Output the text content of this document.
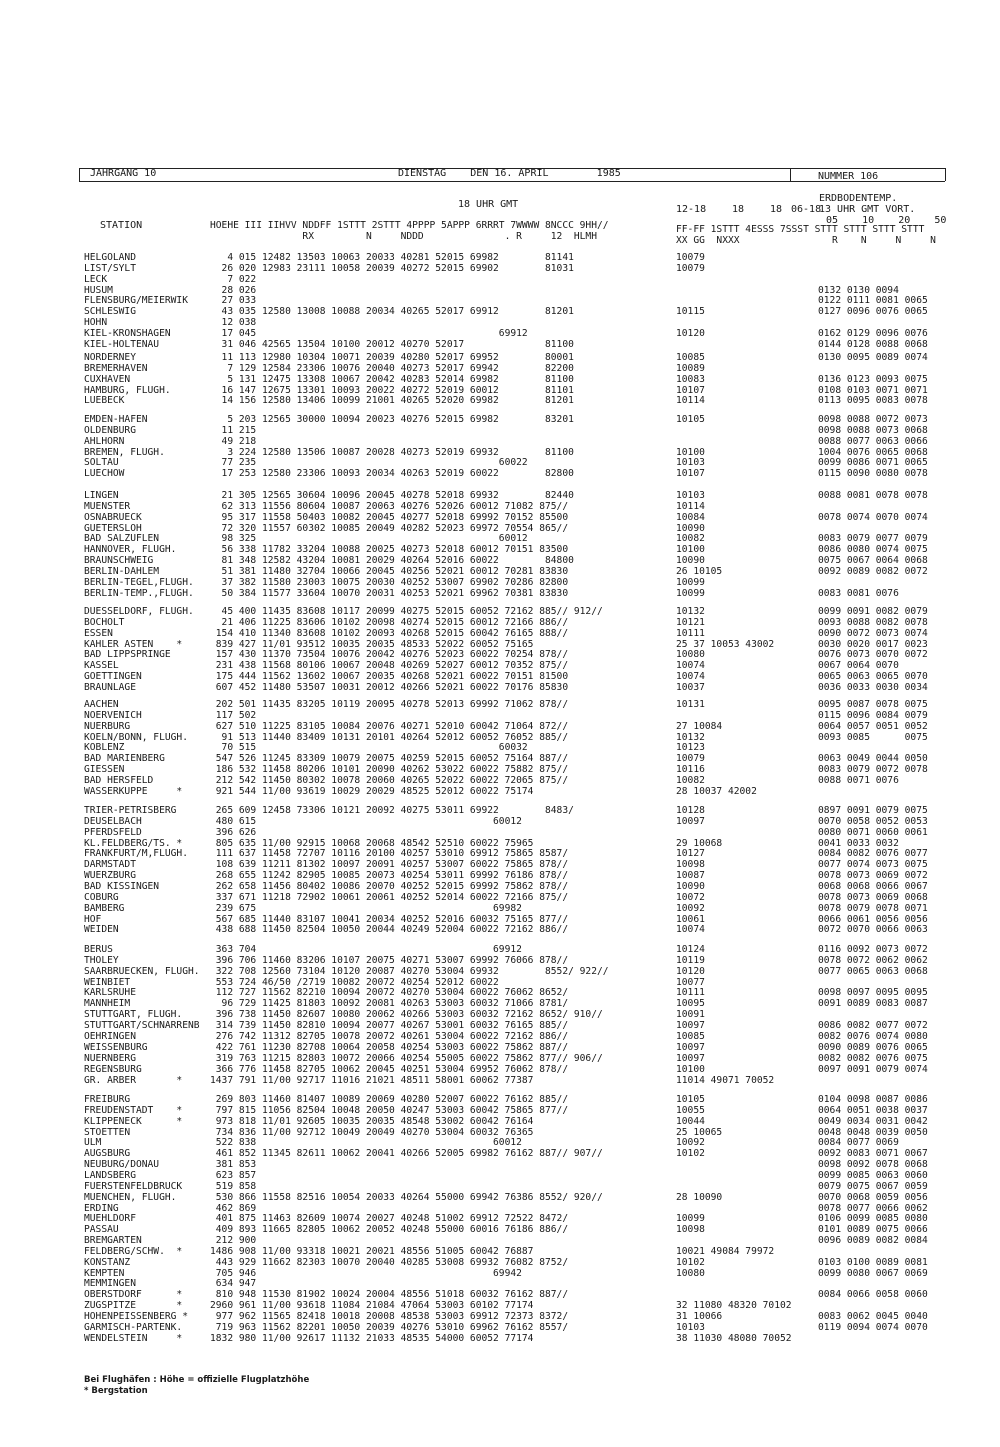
JAHRGANG 10	DIENSTAG    DEN 16. APRIL        1985	NUMMER 106
18 UHR GMT	12-18	18	18 06-18
ERDBODENTEMP.
13 UHR GMT VORT.
05    10    20    50
STATION	HOEHE III IIHVV NDDFF 1STTT 2STTT 4PPPP 5APPP 6RRRT 7WWWW 8NCCC 9HH//
RX         N     NDDD              . R     12  HLMH
FF-FF 1STTT 4ESSS 7SSST STTT STTT STTT STTT
XX GG  NXXX                R    N     N     N
HELGOLAND	4 015 12482 13503 10063 20033 40281 52015 69982        81141	10079
LIST/SYLT	26 020 12983 23111 10058 20039 40272 52015 69902        81031	10079
LECK	7 022
HUSUM	28 026	0132 0130 0094
FLENSBURG/MEIERWIK 27 033	0122 0111 0081 0065
SCHLESWIG	43 035 12580 13008 10088 20034 40265 52017 69912        81201	10115	0127 0096 0076 0065
HOHN	12 038
KIEL-KRONSHAGEN	17 045                                          69912	10120	0162 0129 0096 0076
KIEL-HOLTENAU	31 046 42565 13504 10100 20012 40270 52017              81100	0144 0128 0088 0068
NORDERNEY	11 113 12980 10304 10071 20039 40280 52017 69952        80001	10085	0130 0095 0089 0074
BREMERHAVEN	7 129 12584 23306 10076 20040 40273 52017 69942        82200	10089
CUXHAVEN	5 131 12475 13308 10067 20042 40283 52014 69982        81100	10083	0136 0123 0093 0075
HAMBURG, FLUGH.	16 147 12675 13301 10093 20022 40272 52019 60012        81101	10107	0108 0103 0071 0071
LUEBECK	14 156 12580 13406 10099 21001 40265 52020 69982        81201	10114	0113 0095 0083 0078
EMDEN-HAFEN	5 203 12565 30000 10094 20023 40276 52015 69982        83201	10105	0098 0088 0072 0073
OLDENBURG	11 215	0098 0088 0073 0068
AHLHORN	49 218	0088 0077 0063 0066
BREMEN, FLUGH.	3 224 12580 13506 10087 20028 40273 52019 69932        81100	10100	1004 0076 0065 0068
SOLTAU	77 235                                          60022	10103	0099 0086 0071 0065
LUECHOW	17 253 12580 23306 10093 20034 40263 52019 60022        82800	10107	0115 0090 0080 0078
LINGEN	21 305 12565 30604 10096 20045 40278 52018 69932        82440	10103	0088 0081 0078 0078
MUENSTER	62 313 11556 80604 10087 20063 40276 52026 60012 71082 875//	10114
OSNABRUECK	95 317 11558 50403 10082 20045 40277 52018 69992 70152 85500	10084	0078 0074 0070 0074
GUETERSLOH	72 320 11557 60302 10085 20049 40282 52023 69972 70554 865//	10090
BAD SALZUFLEN	98 325                                          60012	10082	0083 0079 0077 0079
HANNOVER, FLUGH.	56 338 11782 33204 10088 20025 40273 52018 60012 70151 83500	10100	0086 0080 0074 0075
BRAUNSCHWEIG	81 348 12582 43204 10081 20029 40264 52016 60022        84800	10090	0075 0067 0064 0068
BERLIN-DAHLEM	51 381 11480 32704 10066 20045 40256 52021 60012 70281 83830	26 10105	0092 0089 0082 0072
BERLIN-TEGEL,FLUGH. 37 382 11580 23003 10075 20030 40252 53007 69902 70286 82800	10099
BERLIN-TEMP.,FLUGH. 50 384 11577 33604 10070 20031 40253 52021 69962 70381 83830	10099	0083 0081 0076
DUESSELDORF, FLUGH. 45 400 11435 83608 10117 20099 40275 52015 60052 72162 885// 912//	10132	0099 0091 0082 0079
BOCHOLT	21 406 11225 83606 10102 20098 40274 52015 60012 72166 886//	10121	0093 0088 0082 0078
ESSEN	154 410 11340 83608 10102 20093 40268 52015 60042 76165 888//	10111	0090 0072 0073 0074
KAHLER ASTEN    *	839 427 11/01 93512 10035 20035 48533 52022 60052 75165	25 37 10053 43002	0030 0020 0017 0023
BAD LIPPSPRINGE	157 430 11370 73504 10076 20042 40276 52023 60022 70254 878//	10080	0076 0073 0070 0072
KASSEL	231 438 11568 80106 10067 20048 40269 52027 60012 70352 875//	10074	0067 0064 0070
GOETTINGEN	175 444 11562 13602 10067 20035 40268 52021 60022 70151 81500	10074	0065 0063 0065 0070
BRAUNLAGE	607 452 11480 53507 10031 20012 40266 52021 60022 70176 85830	10037	0036 0033 0030 0034
AACHEN	202 501 11435 83205 10119 20095 40278 52013 69992 71062 878//	10131	0095 0087 0078 0075
NOERVENICH	117 502	0115 0096 0084 0079
NUERBURG	627 510 11225 83105 10084 20076 40271 52010 60042 71064 872//	27 10084	0064 0057 0051 0052
KOELN/BONN, FLUGH. 91 513 11440 83409 10131 20101 40264 52012 60052 76052 885//	10132	0093 0085      0075
KOBLENZ	70 515                                          60032	10123
BAD MARIENBERG	547 526 11245 83309 10079 20075 40259 52015 60052 75164 887//	10079	0063 0049 0044 0050
GIESSEN	186 532 11458 80206 10101 20090 40262 53022 60022 75882 875//	10116	0083 0079 0072 0078
BAD HERSFELD	212 542 11450 80302 10078 20060 40265 52022 60022 72065 875//	10082	0088 0071 0076
WASSERKUPPE     *	921 544 11/00 93619 10029 20029 48525 52012 60022 75174	28 10037 42002
TRIER-PETRISBERG	265 609 12458 73306 10121 20092 40275 53011 69922        8483/	10128	0897 0091 0079 0075
DEUSELBACH	480 615                                         60012	10097	0070 0058 0052 0053
PFERDSFELD	396 626	0080 0071 0060 0061
KL.FELDBERG/TS. *	805 635 11/00 92915 10068 20068 48542 52510 60022 75965	29 10068	0041 0033 0032
FRANKFURT/M,FLUGH. 111 637 11458 72707 10116 20100 40257 53010 69912 75865 8587/	10127	0084 0082 0076 0077
DARMSTADT	108 639 11211 81302 10097 20091 40257 53007 60022 75865 878//	10098	0077 0074 0073 0075
WUERZBURG	268 655 11242 82905 10085 20073 40254 53011 69992 76186 878//	10087	0078 0073 0069 0072
BAD KISSINGEN	262 658 11456 80402 10086 20070 40252 52015 69992 75862 878//	10090	0068 0068 0066 0067
COBURG	337 671 11218 72902 10061 20061 40252 52014 60022 72166 875//	10072	0078 0073 0069 0068
BAMBERG	239 675                                         69982	10092	0078 0079 0078 0071
HOF	567 685 11440 83107 10041 20034 40252 52016 60032 75165 877//	10061	0066 0061 0056 0056
WEIDEN	438 688 11450 82504 10050 20044 40249 52004 60022 72162 886//	10074	0072 0070 0066 0063
BERUS	363 704                                         69912	10124	0116 0092 0073 0072
THOLEY	396 706 11460 83206 10107 20075 40271 53007 69992 76066 878//	10119	0078 0072 0062 0062
SAARBRUECKEN, FLUGH. 322 708 12560 73104 10120 20087 40270 53004 69932        8552/ 922//	10120	0077 0065 0063 0068
WEINBIET	553 724 46/50 /2719 10082 20072 40254 52012 60022	10077
KARLSRUHE	112 727 11562 82210 10094 20072 40270 53004 60022 76062 8652/	10111	0098 0097 0095 0095
MANNHEIM	96 729 11425 81803 10092 20081 40263 53003 60032 71066 8781/	10095	0091 0089 0083 0087
STUTTGART, FLUGH.	396 738 11450 82607 10080 20062 40266 53003 60032 72162 8652/ 910//	10091
STUTTGART/SCHNARRENB 314 739 11450 82810 10094 20077 40267 53001 60032 76165 885//	10097	0086 0082 0077 0072
OEHRINGEN	276 742 11312 82705 10078 20072 40261 53004 60022 72162 886//	10085	0082 0076 0074 0080
WEISSENBURG	422 761 11230 82708 10064 20058 40254 53003 60022 75862 887//	10097	0090 0089 0076 0065
NUERNBERG	319 763 11215 82803 10072 20066 40254 55005 60022 75862 877// 906//	10097	0082 0082 0076 0075
REGENSBURG	366 776 11458 82705 10062 20045 40251 53004 69952 76062 878//	10100	0097 0091 0079 0074
GR. ARBER       *	1437 791 11/00 92717 11016 21021 48511 58001 60062 77387	11014 49071 70052
FREIBURG	269 803 11460 81407 10089 20069 40280 52007 60022 76162 885//	10105	0104 0098 0087 0086
FREUDENSTADT    *	797 815 11056 82504 10048 20050 40247 53003 60042 75865 877//	10055	0064 0051 0038 0037
KLIPPENECK      *	973 818 11/01 92605 10035 20035 48548 53002 60042 76164	10044	0049 0034 0031 0042
STOETTEN	734 836 11/00 92712 10049 20049 40270 53004 60032 76365	25 10065	0048 0048 0039 0050
ULM	522 838                                         60012	10092	0084 0077 0069
AUGSBURG	461 852 11345 82611 10062 20041 40266 52005 69982 76162 887// 907//	10102	0092 0083 0071 0067
NEUBURG/DONAU	381 853	0098 0092 0078 0068
LANDSBERG	623 857	0099 0085 0063 0060
FUERSTENFELDBRUCK	519 858	0079 0075 0067 0059
MUENCHEN, FLUGH.	530 866 11558 82516 10054 20033 40264 55000 69942 76386 8552/ 920//	28 10090	0070 0068 0059 0056
ERDING	462 869	0078 0077 0066 0062
MUEHLDORF	401 875 11463 82609 10074 20027 40248 51002 69912 72522 8472/	10099	0106 0099 0085 0080
PASSAU	409 893 11665 82805 10062 20052 40248 55000 60016 76186 886//	10098	0101 0089 0075 0066
BREMGARTEN	212 900	0096 0089 0082 0084
FELDBERG/SCHW.  *	1486 908 11/00 93318 10021 20021 48556 51005 60042 76887	10021 49084 79972
KONSTANZ	443 929 11662 82303 10070 20040 40285 53008 69932 76082 8752/	10102	0103 0100 0089 0081
KEMPTEN	705 946                                         69942	10080	0099 0080 0067 0069
MEMMINGEN	634 947
OBERSTDORF      *	810 948 11530 81902 10024 20004 48556 51018 60032 76162 887//	0084 0066 0058 0060
ZUGSPITZE       *	2960 961 11/00 93618 11084 21084 47064 53003 60102 77174	32 11080 48320 70102
HOHENPEISSENBERG * 977 962 11565 82418 10018 20008 48538 53003 69912 72373 8372/	31 10066	0083 0062 0045 0040
GARMISCH-PARTENK.	719 963 11562 82201 10050 20039 40276 53010 69962 76162 8557/	10103	0119 0094 0074 0070
WENDELSTEIN     *	1832 980 11/00 92617 11132 21033 48535 54000 60052 77174	38 11030 48080 70052
Bei Flughäfen : Höhe = offizielle Flugplatzhöhe
* Bergstation
